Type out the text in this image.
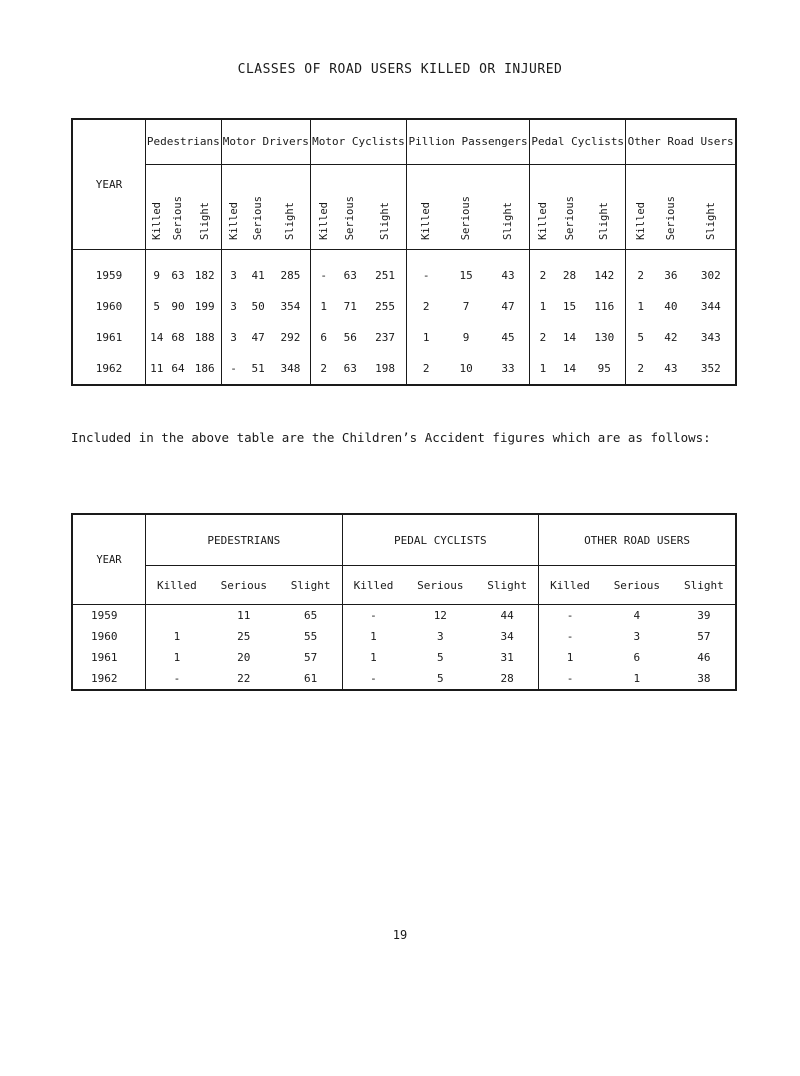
CLASSES OF ROAD USERS KILLED OR INJURED
YEAR	Pedestrians			Motor Drivers			Motor Cyclists			Pillion Passengers			Pedal Cyclists			Other Road Users		
	Killed	Serious	Slight	Killed	Serious	Slight	Killed	Serious	Slight	Killed	Serious	Slight	Killed	Serious	Slight	Killed	Serious	Slight

1959	9	63	182	3	41	285	-	63	251	-	15	43	2	28	142	2	36	302
1960	5	90	199	3	50	354	1	71	255	2	7	47	1	15	116	1	40	344
1961	14	68	188	3	47	292	6	56	237	1	9	45	2	14	130	5	42	343
1962	11	64	186	-	51	348	2	63	198	2	10	33	1	14	95	2	43	352
Included in the above table are the Children’s Accident figures which are as follows:
YEAR	PEDESTRIANS			PEDAL CYCLISTS			OTHER ROAD USERS		
	Killed	Serious	Slight	Killed	Serious	Slight	Killed	Serious	Slight
1959		11	65	-	12	44	-	4	39
1960	1	25	55	1	3	34	-	3	57
1961	1	20	57	1	5	31	1	6	46
1962	-	22	61	-	5	28	-	1	38
19
